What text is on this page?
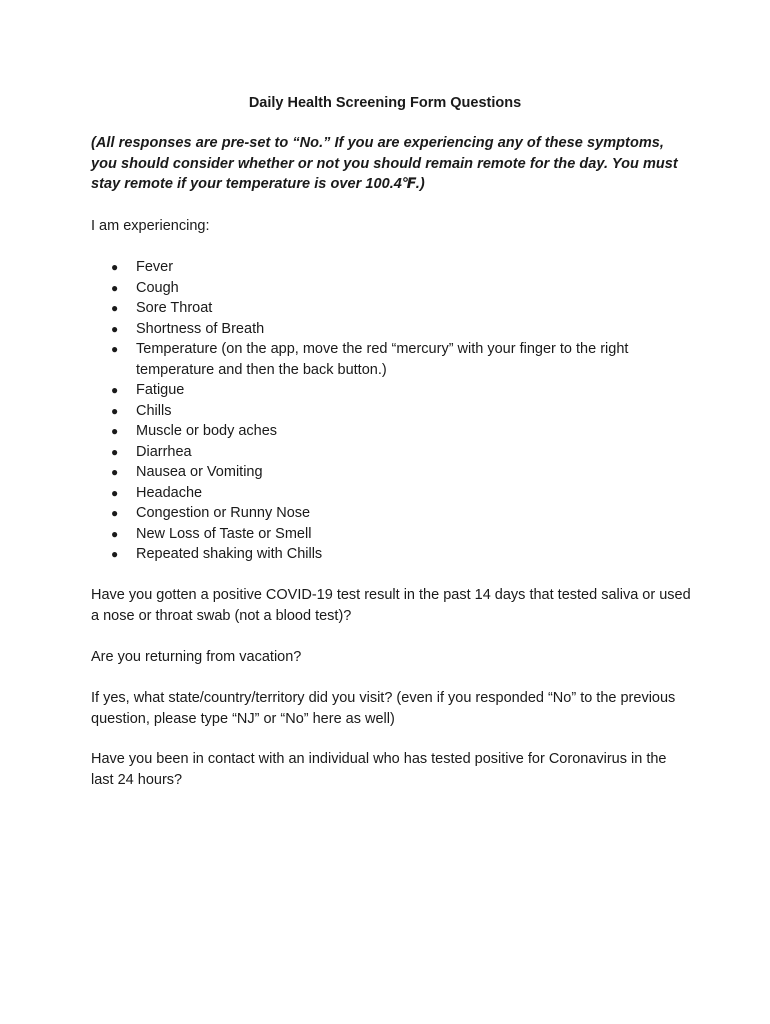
Daily Health Screening Form Questions
(All responses are pre-set to “No.” If you are experiencing any of these symptoms, you should consider whether or not you should remain remote for the day. You must stay remote if your temperature is over 100.4℉.)
I am experiencing:
● Fever
● Cough
● Sore Throat
● Shortness of Breath
● Temperature (on the app, move the red “mercury” with your finger to the right temperature and then the back button.)
● Fatigue
● Chills
● Muscle or body aches
● Diarrhea
● Nausea or Vomiting
● Headache
● Congestion or Runny Nose
● New Loss of Taste or Smell
● Repeated shaking with Chills
Have you gotten a positive COVID-19 test result in the past 14 days that tested saliva or used a nose or throat swab (not a blood test)?
Are you returning from vacation?
If yes, what state/country/territory did you visit? (even if you responded “No” to the previous question, please type “NJ” or “No” here as well)
Have you been in contact with an individual who has tested positive for Coronavirus in the last 24 hours?
